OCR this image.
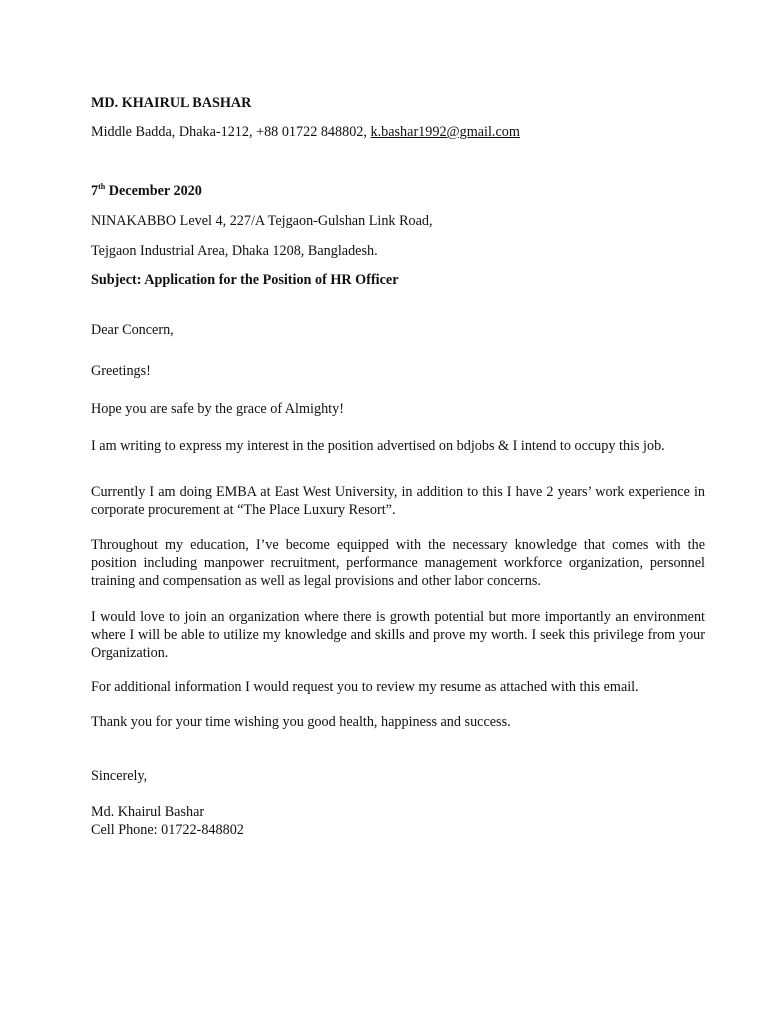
MD. KHAIRUL BASHAR
Middle Badda, Dhaka-1212, +88 01722 848802, k.bashar1992@gmail.com
7th December 2020
NINAKABBO Level 4, 227/A Tejgaon-Gulshan Link Road,
Tejgaon Industrial Area, Dhaka 1208, Bangladesh.
Subject: Application for the Position of HR Officer
Dear Concern,
Greetings!
Hope you are safe by the grace of Almighty!
I am writing to express my interest in the position advertised on bdjobs & I intend to occupy this job.
Currently I am doing EMBA at East West University, in addition to this I have 2 years’ work experience in corporate procurement at “The Place Luxury Resort”.
Throughout my education, I’ve become equipped with the necessary knowledge that comes with the position including manpower recruitment, performance management workforce organization, personnel training and compensation as well as legal provisions and other labor concerns.
I would love to join an organization where there is growth potential but more importantly an environment where I will be able to utilize my knowledge and skills and prove my worth. I seek this privilege from your Organization.
For additional information I would request you to review my resume as attached with this email.
Thank you for your time wishing you good health, happiness and success.
Sincerely,
Md. Khairul Bashar
Cell Phone: 01722-848802
